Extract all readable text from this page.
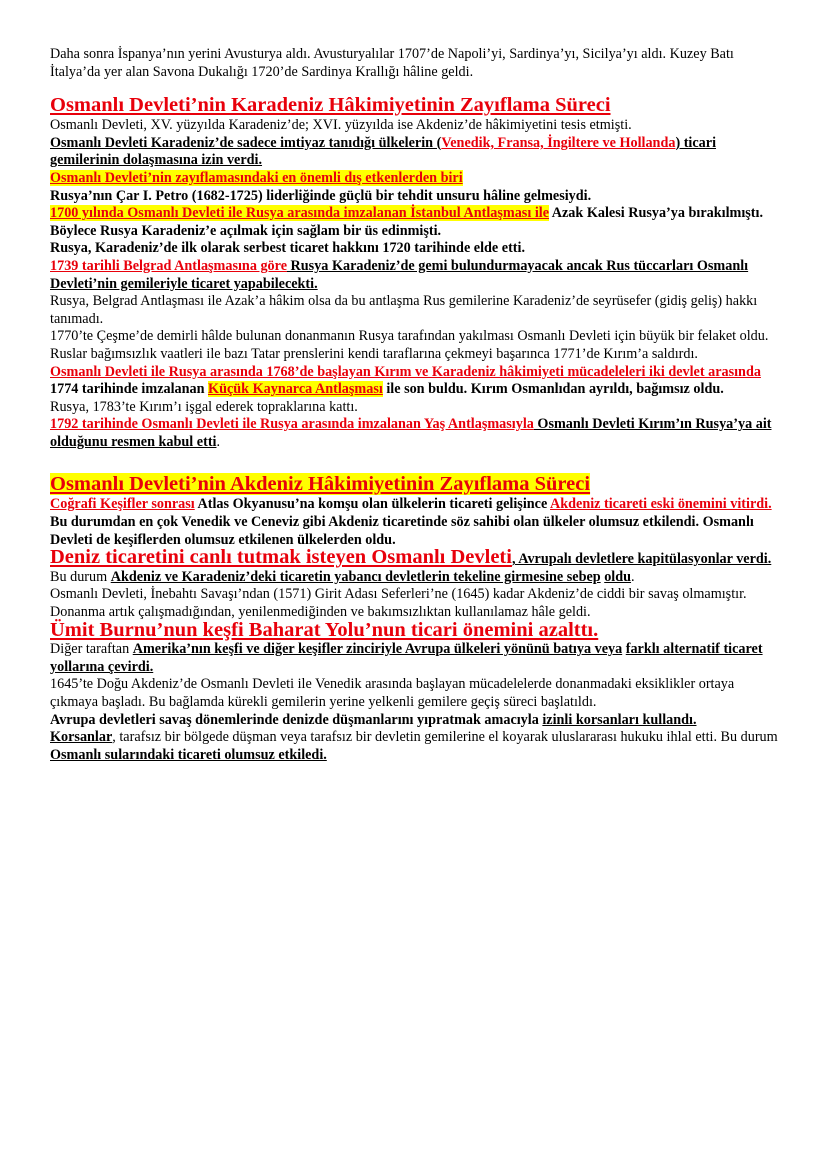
Daha sonra İspanya’nın yerini Avusturya aldı. Avusturyalılar 1707’de Napoli’yi, Sardinya’yı, Sicilya’yı aldı. Kuzey Batı İtalya’da yer alan Savona Dukalığı 1720’de Sardinya Krallığı hâline geldi.

Osmanlı Devleti’nin Karadeniz Hâkimiyetinin Zayıflama Süreci

Osmanlı Devleti, XV. yüzyılda Karadeniz’de; XVI. yüzyılda ise Akdeniz’de hâkimiyetini tesis etmişti.

Osmanlı Devleti Karadeniz’de sadece imtiyaz tanıdığı ülkelerin (Venedik, Fransa, İngiltere ve Hollanda) ticari gemilerinin dolaşmasına izin verdi.

Osmanlı Devleti’nin zayıflamasındaki en önemli dış etkenlerden biri

Rusya’nın Çar I. Petro (1682-1725) liderliğinde güçlü bir tehdit unsuru hâline gelmesiydi.

1700 yılında Osmanlı Devleti ile Rusya arasında imzalanan İstanbul Antlaşması ile Azak Kalesi Rusya’ya bırakılmıştı. Böylece Rusya Karadeniz’e açılmak için sağlam bir üs edinmişti.

Rusya, Karadeniz’de ilk olarak serbest ticaret hakkını 1720 tarihinde elde etti.

1739 tarihli Belgrad Antlaşmasına göre Rusya Karadeniz’de gemi bulundurmayacak ancak Rus tüccarları Osmanlı Devleti’nin gemileriyle ticaret yapabilecekti.

Rusya, Belgrad Antlaşması ile Azak’a hâkim olsa da bu antlaşma Rus gemilerine Karadeniz’de seyrüsefer (gidiş geliş) hakkı tanımadı.

1770’te Çeşme’de demirli hâlde bulunan donanmanın Rusya tarafından yakılması Osmanlı Devleti için büyük bir felaket oldu.

Ruslar bağımsızlık vaatleri ile bazı Tatar prenslerini kendi taraflarına çekmeyi başarınca 1771’de Kırım’a saldırdı.

Osmanlı Devleti ile Rusya arasında 1768’de başlayan Kırım ve Karadeniz hâkimiyeti mücadeleleri iki devlet arasında 1774 tarihinde imzalanan Küçük Kaynarca Antlaşması ile son buldu. Kırım Osmanlıdan ayrıldı, bağımsız oldu.

Rusya, 1783’te Kırım’ı işgal ederek topraklarına kattı.

1792 tarihinde Osmanlı Devleti ile Rusya arasında imzalanan Yaş Antlaşmasıyla Osmanlı Devleti Kırım’ın Rusya’ya ait olduğunu resmen kabul etti.

Osmanlı Devleti’nin Akdeniz Hâkimiyetinin Zayıflama Süreci

Coğrafi Keşifler sonrası Atlas Okyanusu’na komşu olan ülkelerin ticareti gelişince Akdeniz ticareti eski önemini vitirdi.

Bu durumdan en çok Venedik ve Ceneviz gibi Akdeniz ticaretinde söz sahibi olan ülkeler olumsuz etkilendi. Osmanlı Devleti de keşiflerden olumsuz etkilenen ülkelerden oldu.

Deniz ticaretini canlı tutmak isteyen Osmanlı Devleti, Avrupalı devletlere kapitülasyonlar verdi. Bu durum Akdeniz ve Karadeniz’deki ticaretin yabancı devletlerin tekeline girmesine sebep oldu.

Osmanlı Devleti, İnebahtı Savaşı’ndan (1571) Girit Adası Seferleri’ne (1645) kadar Akdeniz’de ciddi bir savaş olmamıştır.

Donanma artık çalışmadığından, yenilenmediğinden ve bakımsızlıktan kullanılamaz hâle geldi.

Ümit Burnu’nun keşfi Baharat Yolu’nun ticari önemini azalttı.

Diğer taraftan Amerika’nın keşfi ve diğer keşifler zinciriyle Avrupa ülkeleri yönünü batıya veya farklı alternatif ticaret yollarına çevirdi.

1645’te Doğu Akdeniz’de Osmanlı Devleti ile Venedik arasında başlayan mücadelelerde donanmadaki eksiklikler ortaya çıkmaya başladı. Bu bağlamda kürekli gemilerin yerine yelkenli gemilere geçiş süreci başlatıldı.

Avrupa devletleri savaş dönemlerinde denizde düşmanlarını yıpratmak amacıyla izinli korsanları kullandı.

Korsanlar, tarafsız bir bölgede düşman veya tarafsız bir devletin gemilerine el koyarak uluslararası hukuku ihlal etti. Bu durum Osmanlı sularındaki ticareti olumsuz etkiledi.
